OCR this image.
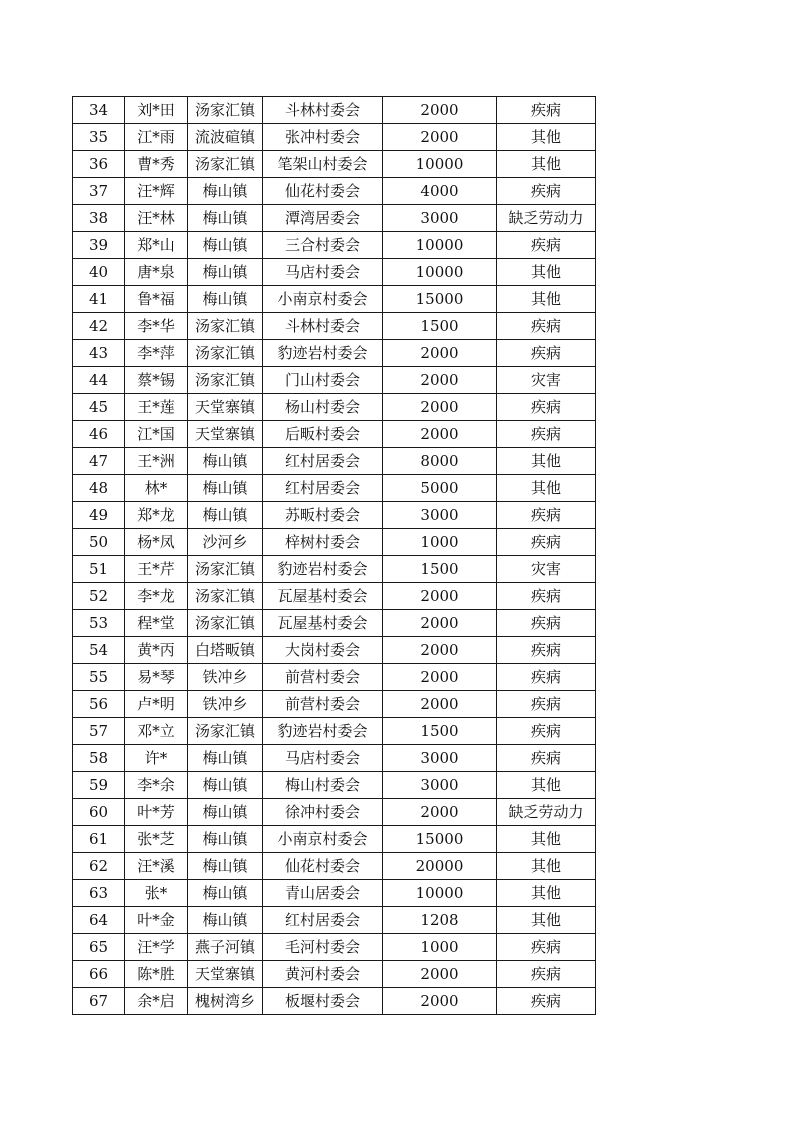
34	刘*田	汤家汇镇	斗林村委会	2000	疾病
35	江*雨	流波碹镇	张冲村委会	2000	其他
36	曹*秀	汤家汇镇	笔架山村委会	10000	其他
37	汪*辉	梅山镇	仙花村委会	4000	疾病
38	汪*林	梅山镇	潭湾居委会	3000	缺乏劳动力
39	郑*山	梅山镇	三合村委会	10000	疾病
40	唐*泉	梅山镇	马店村委会	10000	其他
41	鲁*福	梅山镇	小南京村委会	15000	其他
42	李*华	汤家汇镇	斗林村委会	1500	疾病
43	李*萍	汤家汇镇	豹迹岩村委会	2000	疾病
44	蔡*锡	汤家汇镇	门山村委会	2000	灾害
45	王*莲	天堂寨镇	杨山村委会	2000	疾病
46	江*国	天堂寨镇	后畈村委会	2000	疾病
47	王*洲	梅山镇	红村居委会	8000	其他
48	林*	梅山镇	红村居委会	5000	其他
49	郑*龙	梅山镇	苏畈村委会	3000	疾病
50	杨*凤	沙河乡	梓树村委会	1000	疾病
51	王*芹	汤家汇镇	豹迹岩村委会	1500	灾害
52	李*龙	汤家汇镇	瓦屋基村委会	2000	疾病
53	程*堂	汤家汇镇	瓦屋基村委会	2000	疾病
54	黄*丙	白塔畈镇	大岗村委会	2000	疾病
55	易*琴	铁冲乡	前营村委会	2000	疾病
56	卢*明	铁冲乡	前营村委会	2000	疾病
57	邓*立	汤家汇镇	豹迹岩村委会	1500	疾病
58	许*	梅山镇	马店村委会	3000	疾病
59	李*余	梅山镇	梅山村委会	3000	其他
60	叶*芳	梅山镇	徐冲村委会	2000	缺乏劳动力
61	张*芝	梅山镇	小南京村委会	15000	其他
62	汪*溪	梅山镇	仙花村委会	20000	其他
63	张*	梅山镇	青山居委会	10000	其他
64	叶*金	梅山镇	红村居委会	1208	其他
65	汪*学	燕子河镇	毛河村委会	1000	疾病
66	陈*胜	天堂寨镇	黄河村委会	2000	疾病
67	余*启	槐树湾乡	板堰村委会	2000	疾病
